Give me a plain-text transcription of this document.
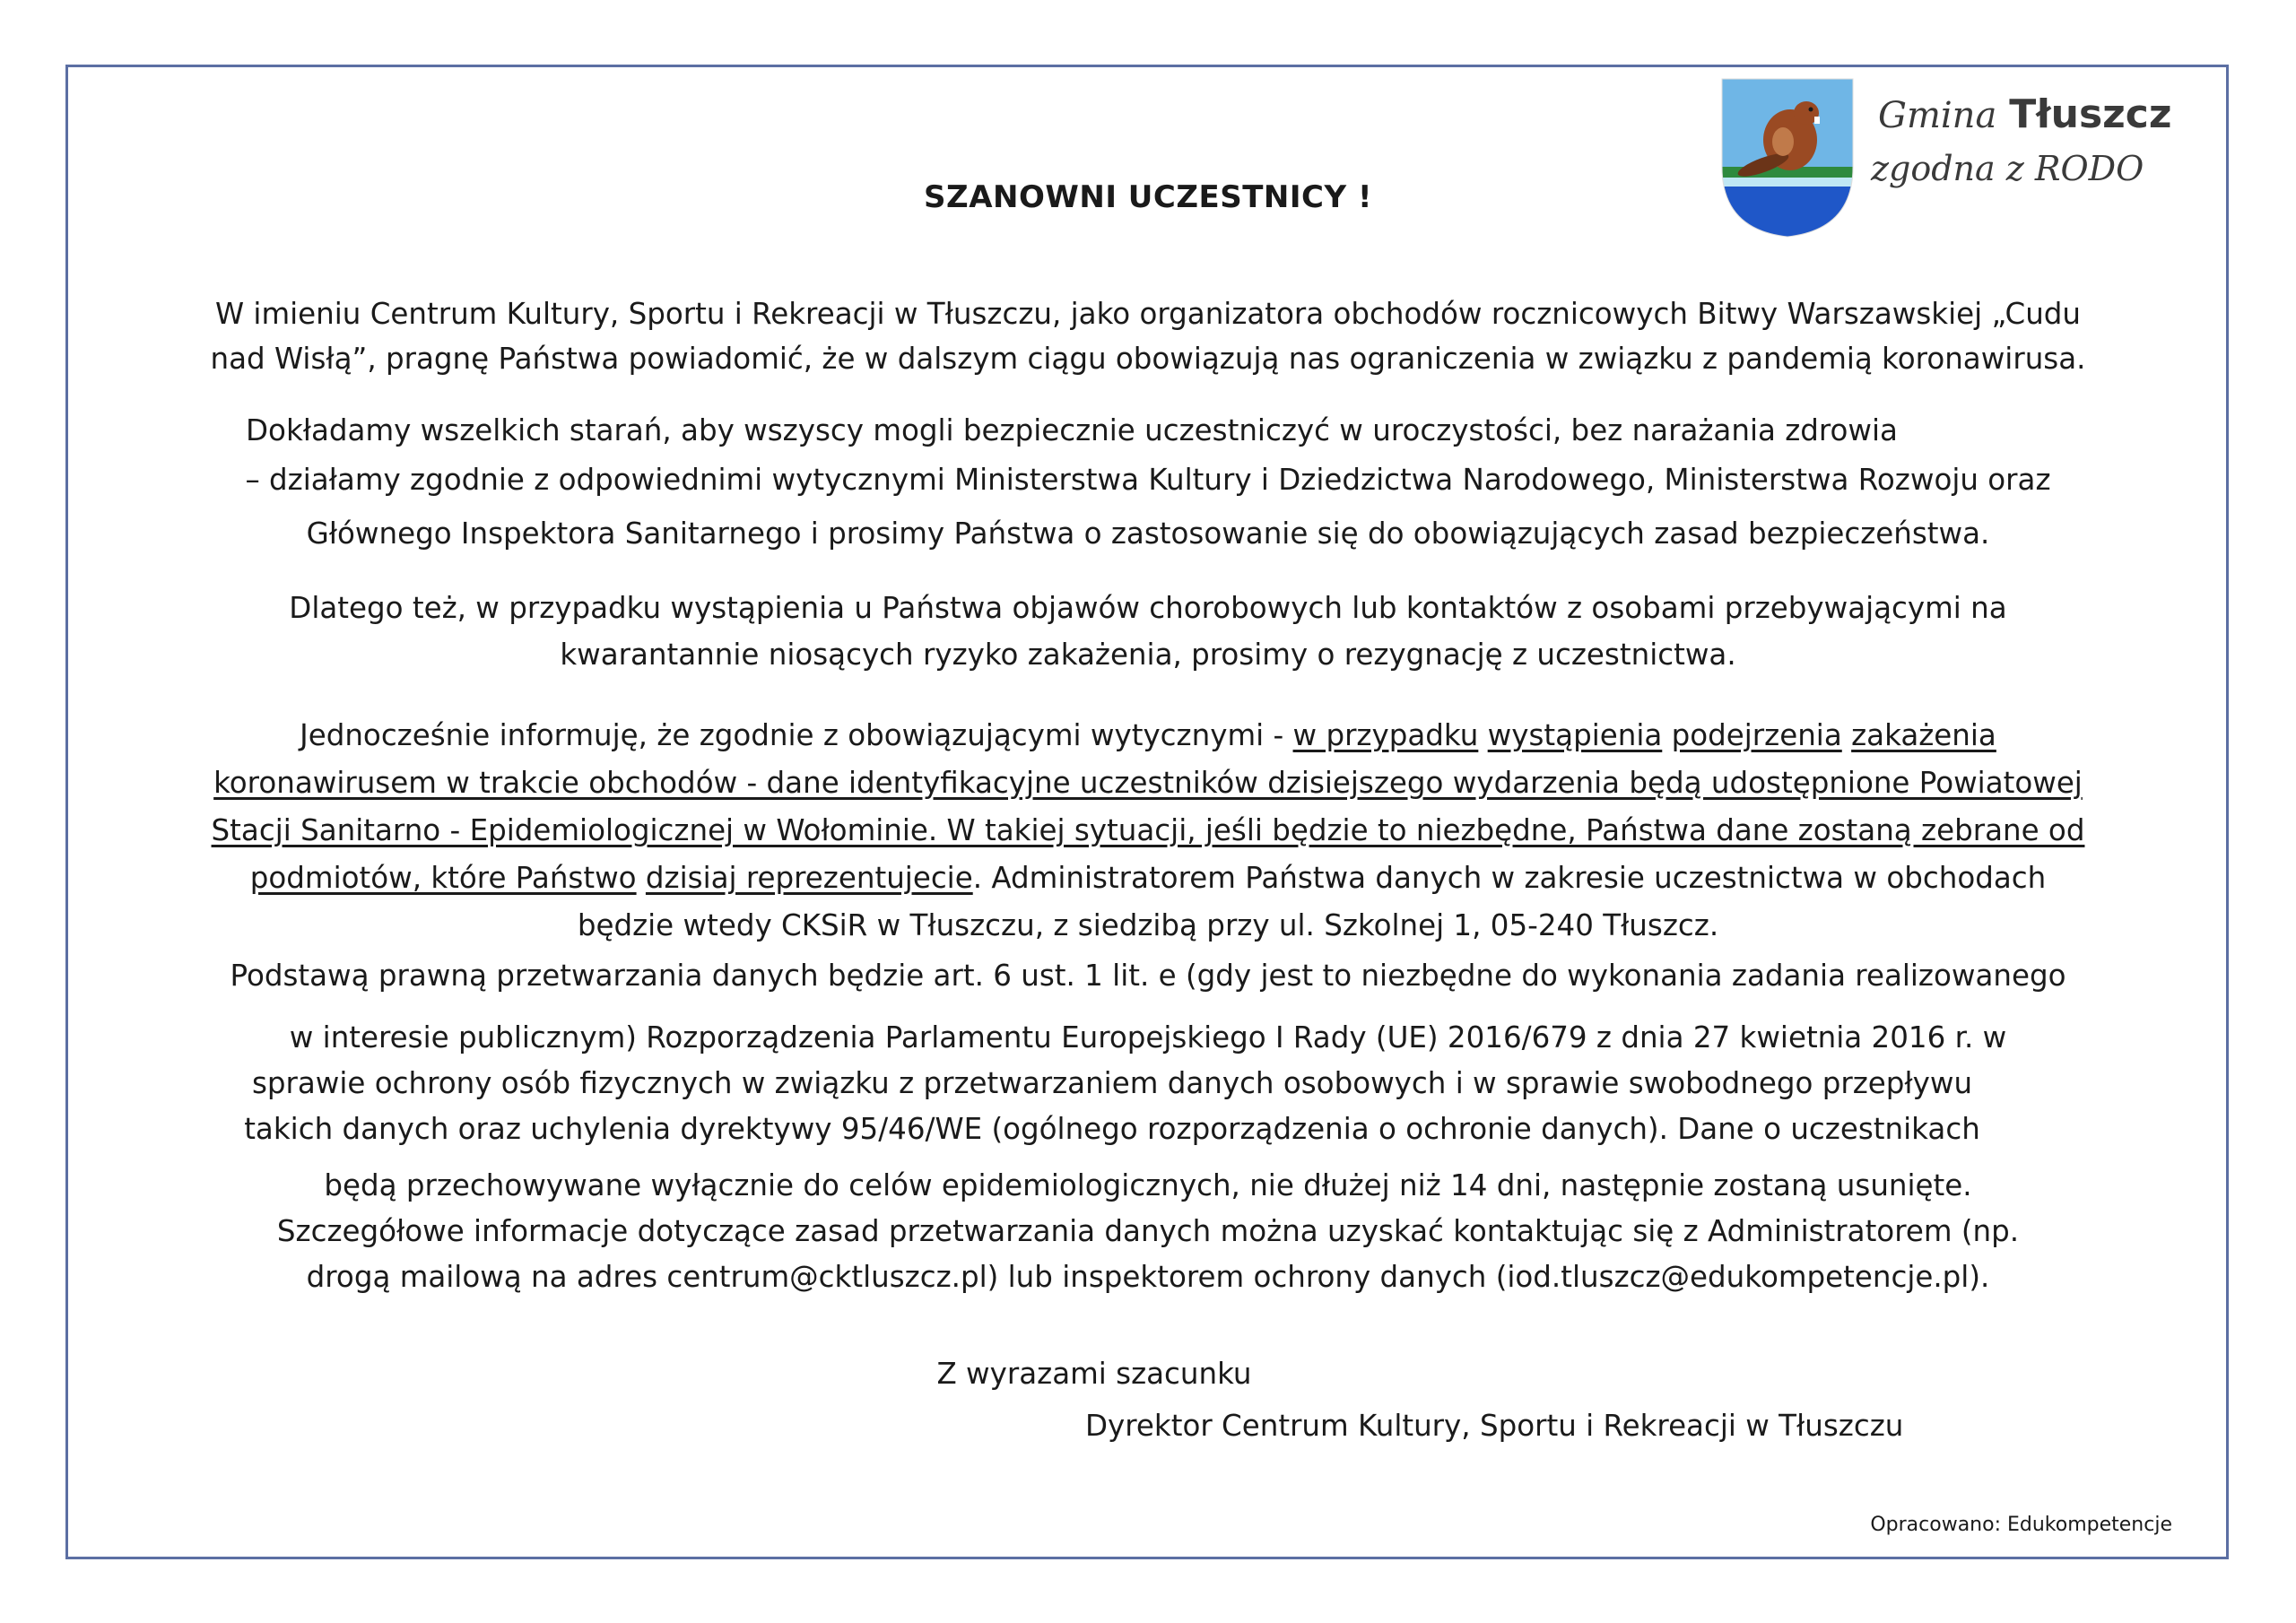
Gmina Tłuszcz
zgodna z RODO
SZANOWNI UCZESTNICY !
W imieniu Centrum Kultury, Sportu i Rekreacji w Tłuszczu, jako organizatora obchodów rocznicowych Bitwy Warszawskiej „Cudu
nad Wisłą”, pragnę Państwa powiadomić, że w dalszym ciągu obowiązują nas ograniczenia w związku z pandemią koronawirusa.
Dokładamy wszelkich starań, aby wszyscy mogli bezpiecznie uczestniczyć w uroczystości, bez narażania zdrowia
– działamy zgodnie z odpowiednimi wytycznymi Ministerstwa Kultury i Dziedzictwa Narodowego, Ministerstwa Rozwoju oraz
Głównego Inspektora Sanitarnego i prosimy Państwa o zastosowanie się do obowiązujących zasad bezpieczeństwa.
Dlatego też, w przypadku wystąpienia u Państwa objawów chorobowych lub kontaktów z osobami przebywającymi na
kwarantannie niosących ryzyko zakażenia, prosimy o rezygnację z uczestnictwa.
Jednocześnie informuję, że zgodnie z obowiązującymi wytycznymi - w przypadku wystąpienia podejrzenia zakażenia
koronawirusem w trakcie obchodów - dane identyfikacyjne uczestników dzisiejszego wydarzenia będą udostępnione Powiatowej
Stacji Sanitarno - Epidemiologicznej w Wołominie. W takiej sytuacji, jeśli będzie to niezbędne, Państwa dane zostaną zebrane od
podmiotów, które Państwo dzisiaj reprezentujecie. Administratorem Państwa danych w zakresie uczestnictwa w obchodach
będzie wtedy CKSiR w Tłuszczu, z siedzibą przy ul. Szkolnej 1, 05-240 Tłuszcz.
Podstawą prawną przetwarzania danych będzie art. 6 ust. 1 lit. e (gdy jest to niezbędne do wykonania zadania realizowanego
w interesie publicznym) Rozporządzenia Parlamentu Europejskiego I Rady (UE) 2016/679 z dnia 27 kwietnia 2016 r. w
sprawie ochrony osób fizycznych w związku z przetwarzaniem danych osobowych i w sprawie swobodnego przepływu
takich danych oraz uchylenia dyrektywy 95/46/WE (ogólnego rozporządzenia o ochronie danych). Dane o uczestnikach
będą przechowywane wyłącznie do celów epidemiologicznych, nie dłużej niż 14 dni, następnie zostaną usunięte.
Szczegółowe informacje dotyczące zasad przetwarzania danych można uzyskać kontaktując się z Administratorem (np.
drogą mailową na adres centrum@cktluszcz.pl) lub inspektorem ochrony danych (iod.tluszcz@edukompetencje.pl).
Z wyrazami szacunku
Dyrektor Centrum Kultury, Sportu i Rekreacji w Tłuszczu
Opracowano: Edukompetencje
